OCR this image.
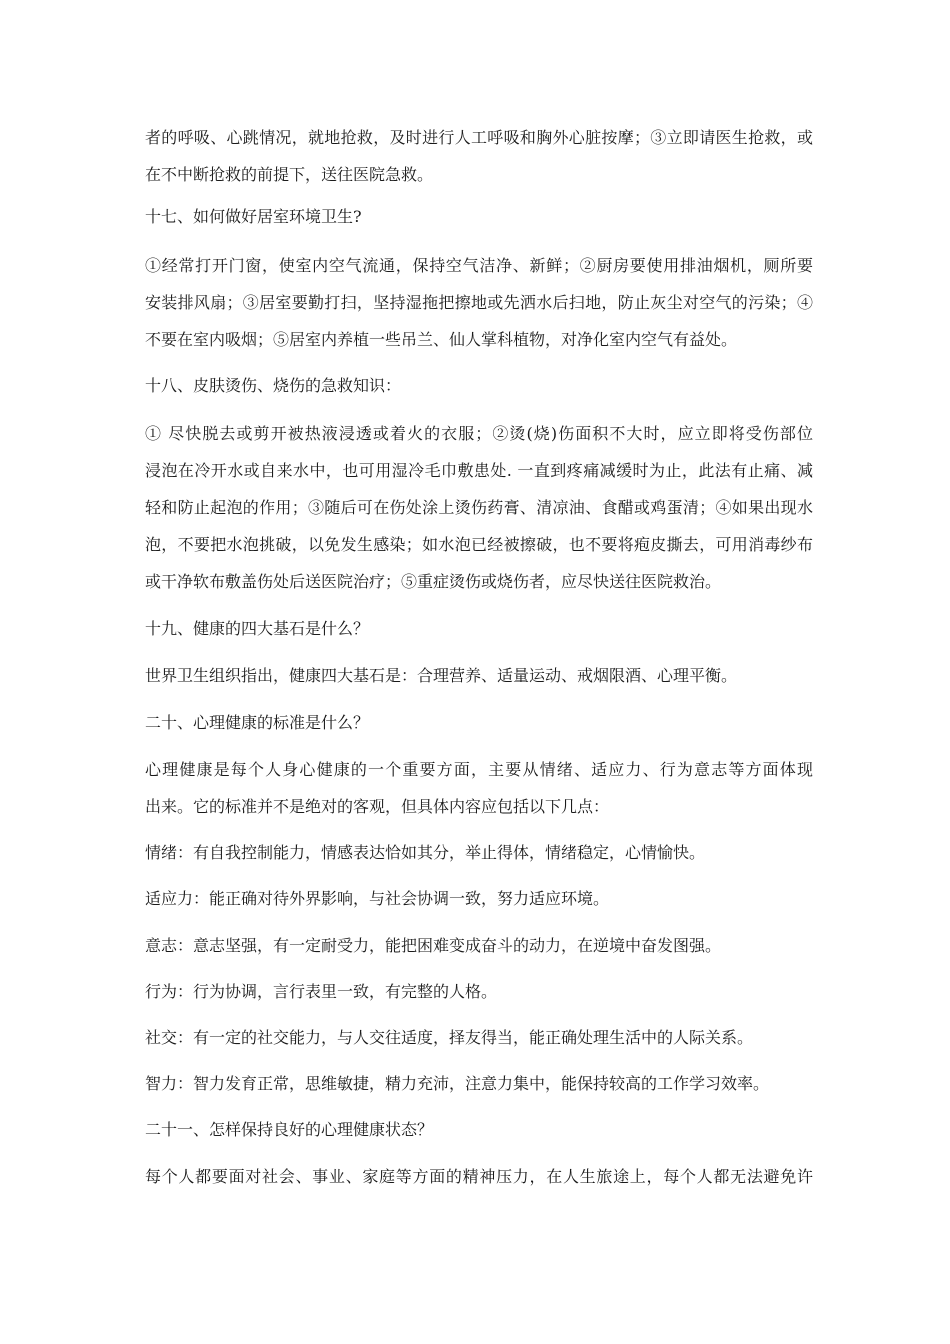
者的呼吸、心跳情况，就地抢救，及时进行人工呼吸和胸外心脏按摩；③立即请医生抢救，或
在不中断抢救的前提下，送往医院急救。
十七、如何做好居室环境卫生?
①经常打开门窗，使室内空气流通，保持空气洁净、新鲜；②厨房要使用排油烟机，厕所要
安装排风扇；③居室要勤打扫，坚持湿拖把擦地或先洒水后扫地，防止灰尘对空气的污染；④
不要在室内吸烟；⑤居室内养植一些吊兰、仙人掌科植物，对净化室内空气有益处。
十八、皮肤烫伤、烧伤的急救知识：
① 尽快脱去或剪开被热液浸透或着火的衣服；②烫(烧)伤面积不大时，应立即将受伤部位
浸泡在冷开水或自来水中，也可用湿冷毛巾敷患处. 一直到疼痛减缓时为止，此法有止痛、减
轻和防止起泡的作用；③随后可在伤处涂上烫伤药膏、清凉油、食醋或鸡蛋清；④如果出现水
泡，不要把水泡挑破，以免发生感染；如水泡已经被擦破，也不要将疱皮撕去，可用消毒纱布
或干净软布敷盖伤处后送医院治疗；⑤重症烫伤或烧伤者，应尽快送往医院救治。
十九、健康的四大基石是什么？
世界卫生组织指出，健康四大基石是：合理营养、适量运动、戒烟限酒、心理平衡。
二十、心理健康的标准是什么？
心理健康是每个人身心健康的一个重要方面，主要从情绪、适应力、行为意志等方面体现
出来。它的标准并不是绝对的客观，但具体内容应包括以下几点：
情绪：有自我控制能力，情感表达恰如其分，举止得体，情绪稳定，心情愉快。
适应力：能正确对待外界影响，与社会协调一致，努力适应环境。
意志：意志坚强，有一定耐受力，能把困难变成奋斗的动力，在逆境中奋发图强。
行为：行为协调，言行表里一致，有完整的人格。
社交：有一定的社交能力，与人交往适度，择友得当，能正确处理生活中的人际关系。
智力：智力发育正常，思维敏捷，精力充沛，注意力集中，能保持较高的工作学习效率。
二十一、怎样保持良好的心理健康状态？
每个人都要面对社会、事业、家庭等方面的精神压力，在人生旅途上，每个人都无法避免许
